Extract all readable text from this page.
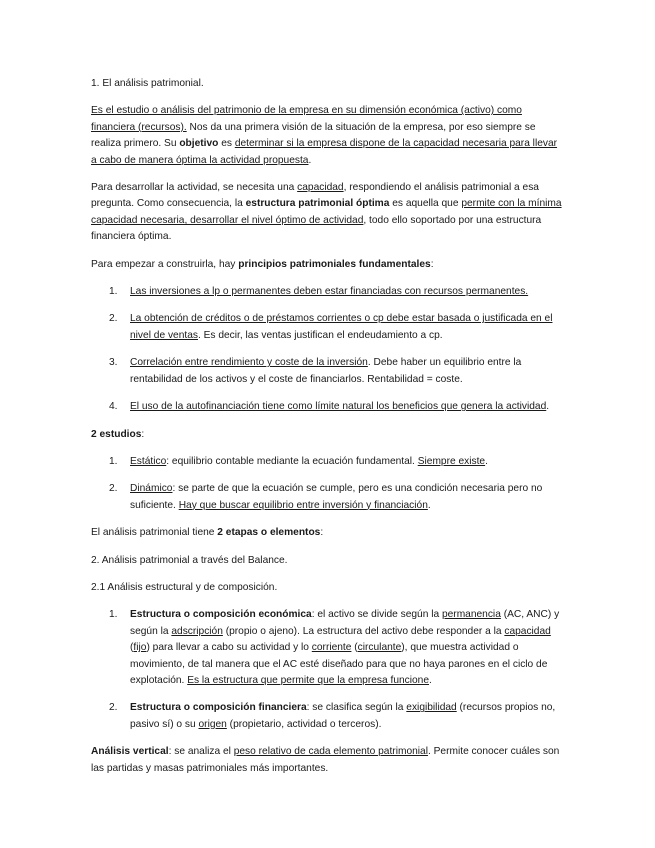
1. El análisis patrimonial.

Es el estudio o análisis del patrimonio de la empresa en su dimensión económica (activo) como financiera (recursos). Nos da una primera visión de la situación de la empresa, por eso siempre se realiza primero. Su objetivo es determinar si la empresa dispone de la capacidad necesaria para llevar a cabo de manera óptima la actividad propuesta.

Para desarrollar la actividad, se necesita una capacidad, respondiendo el análisis patrimonial a esa pregunta. Como consecuencia, la estructura patrimonial óptima es aquella que permite con la mínima capacidad necesaria, desarrollar el nivel óptimo de actividad, todo ello soportado por una estructura financiera óptima.

Para empezar a construirla, hay principios patrimoniales fundamentales:

1. Las inversiones a lp o permanentes deben estar financiadas con recursos permanentes.
2. La obtención de créditos o de préstamos corrientes o cp debe estar basada o justificada en el nivel de ventas. Es decir, las ventas justifican el endeudamiento a cp.
3. Correlación entre rendimiento y coste de la inversión. Debe haber un equilibrio entre la rentabilidad de los activos y el coste de financiarlos. Rentabilidad = coste.
4. El uso de la autofinanciación tiene como límite natural los beneficios que genera la actividad.

2 estudios:

1. Estático: equilibrio contable mediante la ecuación fundamental. Siempre existe.
2. Dinámico: se parte de que la ecuación se cumple, pero es una condición necesaria pero no suficiente. Hay que buscar equilibrio entre inversión y financiación.

El análisis patrimonial tiene 2 etapas o elementos:

2. Análisis patrimonial a través del Balance.

2.1 Análisis estructural y de composición.

1. Estructura o composición económica: el activo se divide según la permanencia (AC, ANC) y según la adscripción (propio o ajeno). La estructura del activo debe responder a la capacidad (fijo) para llevar a cabo su actividad y lo corriente (circulante), que muestra actividad o movimiento, de tal manera que el AC esté diseñado para que no haya parones en el ciclo de explotación. Es la estructura que permite que la empresa funcione.
2. Estructura o composición financiera: se clasifica según la exigibilidad (recursos propios no, pasivo sí) o su origen (propietario, actividad o terceros).

Análisis vertical: se analiza el peso relativo de cada elemento patrimonial. Permite conocer cuáles son las partidas y masas patrimoniales más importantes.
